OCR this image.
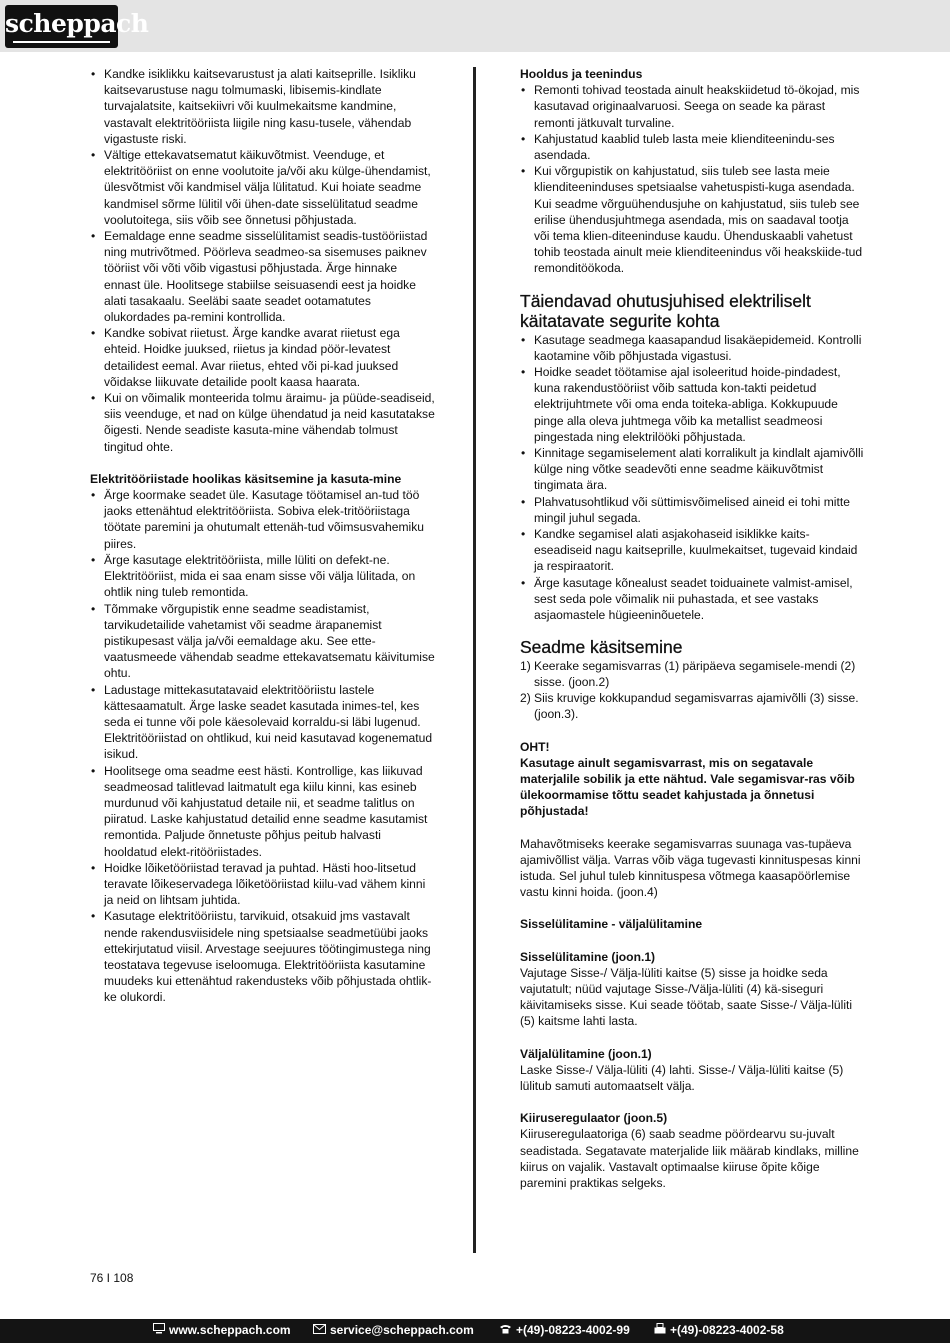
scheppach
• Kandke isiklikku kaitsevarustust ja alati kaitseprille. Isikliku kaitsevarustuse nagu tolmumaski, libisemis-kindlate turvajalatsite, kaitsekiivri või kuulmekaitsme kandmine, vastavalt elektritööriista liigile ning kasu-tusele, vähendab vigastuste riski.
• Vältige ettekavatsematut käikuvõtmist. Veenduge, et elektritööriist on enne voolutoite ja/või aku külge-ühendamist, ülesvõtmist või kandmisel välja lülitatud. Kui hoiate seadme kandmisel sõrme lülitil või ühen-date sisselülitatud seadme voolutoitega, siis võib see õnnetusi põhjustada.
• Eemaldage enne seadme sisselülitamist seadis-tustööriistad ning mutrivõtmed. Pöörleva seadmeo-sa sisemuses paiknev tööriist või võti võib vigastusi põhjustada. Ärge hinnake ennast üle. Hoolitsege stabiilse seisuasendi eest ja hoidke alati tasakaalu. Seeläbi saate seadet ootamatutes olukordades pa-remini kontrollida.
• Kandke sobivat riietust. Ärge kandke avarat riietust ega ehteid. Hoidke juuksed, riietus ja kindad pöör-levatest detailidest eemal. Avar riietus, ehted või pi-kad juuksed võidakse liikuvate detailide poolt kaasa haarata.
• Kui on võimalik monteerida tolmu äraimu- ja püüde-seadiseid, siis veenduge, et nad on külge ühendatud ja neid kasutatakse õigesti. Nende seadiste kasuta-mine vähendab tolmust tingitud ohte.

Elektritööriistade hoolikas käsitsemine ja kasuta-mine

• Ärge koormake seadet üle. Kasutage töötamisel an-tud töö jaoks ettenähtud elektritööriista. Sobiva elek-tritööriistaga töötate paremini ja ohutumalt ettenäh-tud võimsusvahemiku piires.
• Ärge kasutage elektritööriista, mille lüliti on defekt-ne. Elektritööriist, mida ei saa enam sisse või välja lülitada, on ohtlik ning tuleb remontida.
• Tõmmake võrgupistik enne seadme seadistamist, tarvikudetailide vahetamist või seadme ärapanemist pistikupesast välja ja/või eemaldage aku. See ette-vaatusmeede vähendab seadme ettekavatsematu käivitumise ohtu.
• Ladustage mittekasutatavaid elektritööriistu lastele kättesaamatult. Ärge laske seadet kasutada inimes-tel, kes seda ei tunne või pole käesolevaid korraldu-si läbi lugenud. Elektritööriistad on ohtlikud, kui neid kasutavad kogenematud isikud.
• Hoolitsege oma seadme eest hästi. Kontrollige, kas liikuvad seadmeosad talitlevad laitmatult ega kiilu kinni, kas esineb murdunud või kahjustatud detaile nii, et seadme talitlus on piiratud. Laske kahjustatud detailid enne seadme kasutamist remontida. Paljude õnnetuste põhjus peitub halvasti hooldatud elekt-ritööriistades.
• Hoidke lõiketööriistad teravad ja puhtad. Hästi hoo-litsetud teravate lõikeservadega lõiketööriistad kiilu-vad vähem kinni ja neid on lihtsam juhtida.
• Kasutage elektritööriistu, tarvikuid, otsakuid jms vastavalt nende rakendusviisidele ning spetsiaalse seadmetüübi jaoks ettekirjutatud viisil. Arvestage seejuures töötingimustega ning teostatava tegevuse iseloomuga. Elektritööriista kasutamine muudeks kui ettenähtud rakendusteks võib põhjustada ohtlik-ke olukordi.

Hooldus ja teenindus

• Remonti tohivad teostada ainult heakskiidetud tö-ökojad, mis kasutavad originaalvaruosi. Seega on seade ka pärast remonti jätkuvalt turvaline.
• Kahjustatud kaablid tuleb lasta meie klienditeenindu-ses asendada.
• Kui võrgupistik on kahjustatud, siis tuleb see lasta meie klienditeeninduses spetsiaalse vahetuspisti-kuga asendada. Kui seadme võrguühendusjuhe on kahjustatud, siis tuleb see erilise ühendusjuhtmega asendada, mis on saadaval tootja või tema klien-diteeninduse kaudu. Ühenduskaabli vahetust tohib teostada ainult meie klienditeenindus või heakskiide-tud remonditöökoda.

Täiendavad ohutusjuhised elektriliselt käitatavate segurite kohta

• Kasutage seadmega kaasapandud lisakäepidemeid. Kontrolli kaotamine võib põhjustada vigastusi.
• Hoidke seadet töötamise ajal isoleeritud hoide-pindadest, kuna rakendustööriist võib sattuda kon-takti peidetud elektrijuhtmete või oma enda toiteka-abliga. Kokkupuude pinge alla oleva juhtmega võib ka metallist seadmeosi pingestada ning elektrilööki põhjustada.
• Kinnitage segamiselement alati korralikult ja kindlalt ajamivõlli külge ning võtke seadevõti enne seadme käikuvõtmist tingimata ära.
• Plahvatusohtlikud või süttimisvõimelised aineid ei tohi mitte mingil juhul segada.
• Kandke segamisel alati asjakohaseid isiklikke kaits-eseadiseid nagu kaitseprille, kuulmekaitset, tugevaid kindaid ja respiraatorit.
• Ärge kasutage kõnealust seadet toiduainete valmist-amisel, sest seda pole võimalik nii puhastada, et see vastaks asjaomastele hügieeninõuetele.

Seadme käsitsemine

1) Keerake segamisvarras (1) päripäeva segamisele-mendi (2) sisse. (joon.2)
2) Siis kruvige kokkupandud segamisvarras ajamivõlli (3) sisse. (joon.3).

OHT!

Kasutage ainult segamisvarrast, mis on segatavale materjalile sobilik ja ette nähtud. Vale segamisvar-ras võib ülekoormamise tõttu seadet kahjustada ja õnnetusi põhjustada!

Mahavõtmiseks keerake segamisvarras suunaga vas-tupäeva ajamivõllist välja. Varras võib väga tugevasti kinnituspesas kinni istuda. Sel juhul tuleb kinnituspesa võtmega kaasapöörlemise vastu kinni hoida. (joon.4)

Sisselülitamine - väljalülitamine

Sisselülitamine (joon.1)

Vajutage Sisse-/ Välja-lüliti kaitse (5) sisse ja hoidke seda vajutatult; nüüd vajutage Sisse-/Välja-lüliti (4) kä-siseguri käivitamiseks sisse. Kui seade töötab, saate Sisse-/ Välja-lüliti (5) kaitsme lahti lasta.

Väljalülitamine (joon.1)

Laske Sisse-/ Välja-lüliti (4) lahti. Sisse-/ Välja-lüliti kaitse (5) lülitub samuti automaatselt välja.

Kiiruseregulaator (joon.5)

Kiiruseregulaatoriga (6) saab seadme pöördearvu su-juvalt seadistada. Segatavate materjalide liik määrab kindlaks, milline kiirus on vajalik. Vastavalt optimaalse kiiruse õpite kõige paremini praktikas selgeks.

76 I 108
www.scheppach.com	service@scheppach.com	+(49)-08223-4002-99	+(49)-08223-4002-58
